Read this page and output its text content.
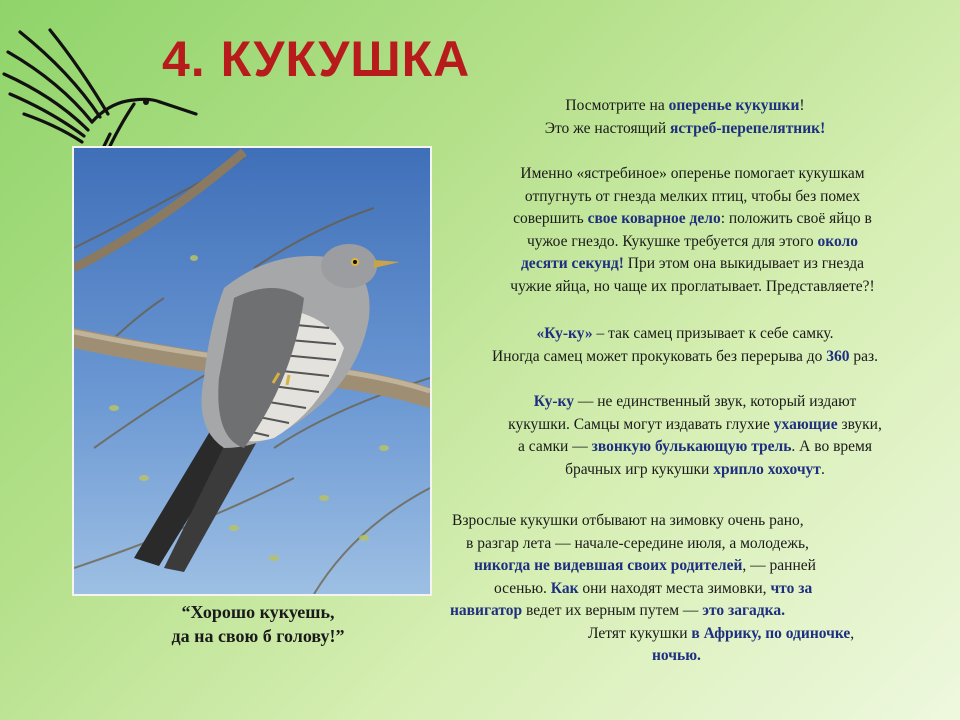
4. КУКУШКА
“Хорошо кукуешь,
да на свою б голову!”
Посмотрите на оперенье кукушки!
Это же настоящий ястреб-перепелятник!
Именно «ястребиное» оперенье помогает кукушкам
отпугнуть от гнезда мелких птиц, чтобы без помех
совершить свое коварное дело: положить своё яйцо в
чужое гнездо. Кукушке требуется для этого около
десяти секунд! При этом она выкидывает из гнезда
чужие яйца, но чаще их проглатывает. Представляете?!
«Ку-ку» – так самец призывает к себе самку.
Иногда самец может прокуковать без перерыва до 360 раз.
Ку-ку — не единственный звук, который издают
кукушки. Самцы могут издавать глухие ухающие звуки,
а самки — звонкую булькающую трель. А во время
брачных игр кукушки хрипло хохочут.
Взрослые кукушки отбывают на зимовку очень рано,
в разгар лета — начале-середине июля, а молодежь,
никогда не видевшая своих родителей, — ранней
осенью. Как они находят места зимовки, что за
навигатор ведет их верным путем — это загадка.
Летят кукушки в Африку, по одиночке,
ночью.
